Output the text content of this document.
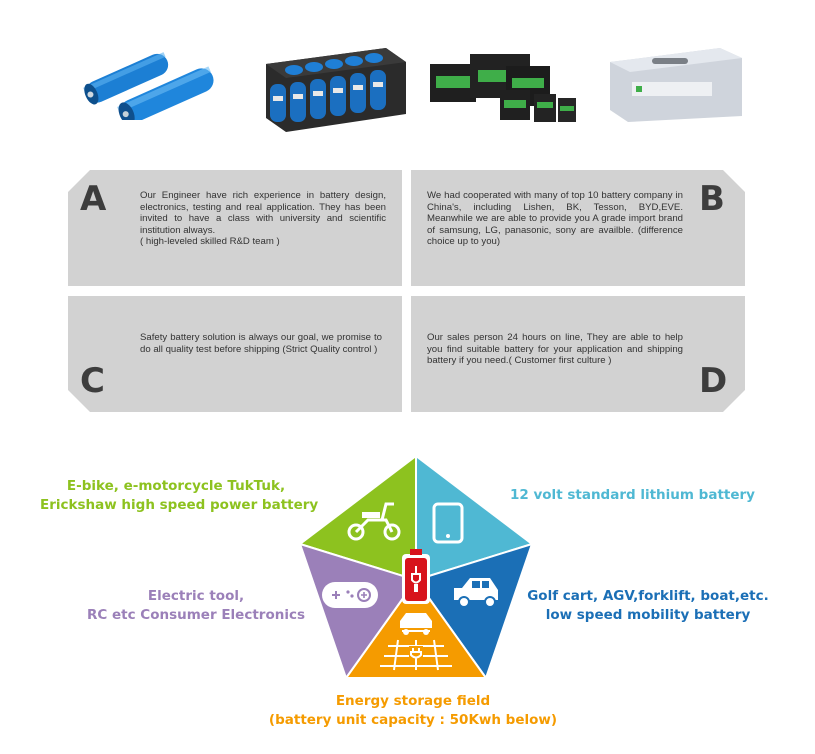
A	Our Engineer have rich experience in battery design, electronics, testing and real application. They has been invited to have a class with university and scientific institution always.

( high-leveled skilled R&D team )

B

We had cooperated with many of top 10 battery company in China's, including Lishen, BK, Tesson, BYD,EVE. Meanwhile we are able to provide you A grade import brand of samsung, LG, panasonic, sony are availble. (difference choice up to you)

C

Safety battery solution is always our goal, we promise to do all quality test before shipping (Strict Quality control )

D

Our sales person 24 hours on line, They are able to help you find suitable battery for your application and shipping battery if you need.( Customer first culture )

E-bike, e-motorcycle TukTuk,
Erickshaw high speed power battery
12 volt standard lithium battery
Golf cart, AGV,forklift, boat,etc.
low speed mobility battery
Electric tool,
RC etc Consumer Electronics
Energy storage field
(battery unit capacity : 50Kwh below)
